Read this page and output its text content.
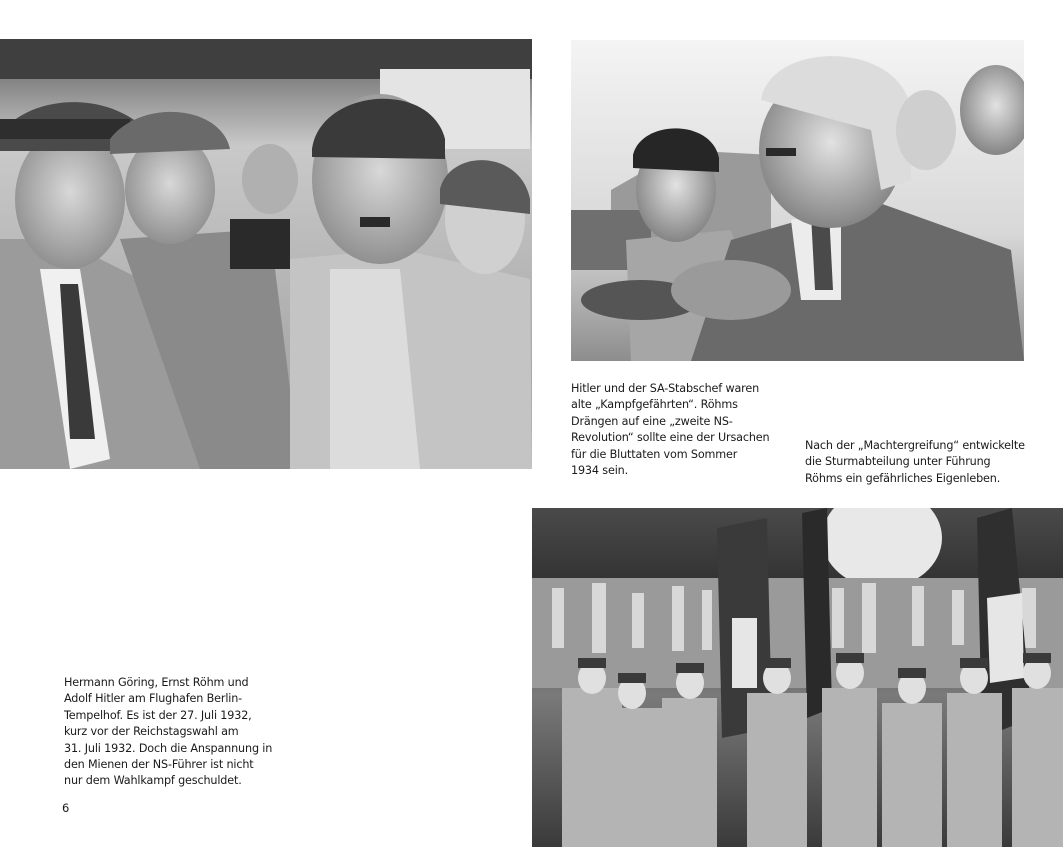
Hitler und der SA-Stabschef waren
alte „Kampfgefährten“. Röhms
Drängen auf eine „zweite NS-
Revolution“ sollte eine der Ursachen
für die Bluttaten vom Sommer
1934 sein.
Nach der „Machtergreifung“ entwickelte
die Sturmabteilung unter Führung
Röhms ein gefährliches Eigenleben.
Hermann Göring, Ernst Röhm und
Adolf Hitler am Flughafen Berlin-
Tempelhof. Es ist der 27. Juli 1932,
kurz vor der Reichstagswahl am
31. Juli 1932. Doch die Anspannung in
den Mienen der NS-Führer ist nicht
nur dem Wahlkampf geschuldet.
6
